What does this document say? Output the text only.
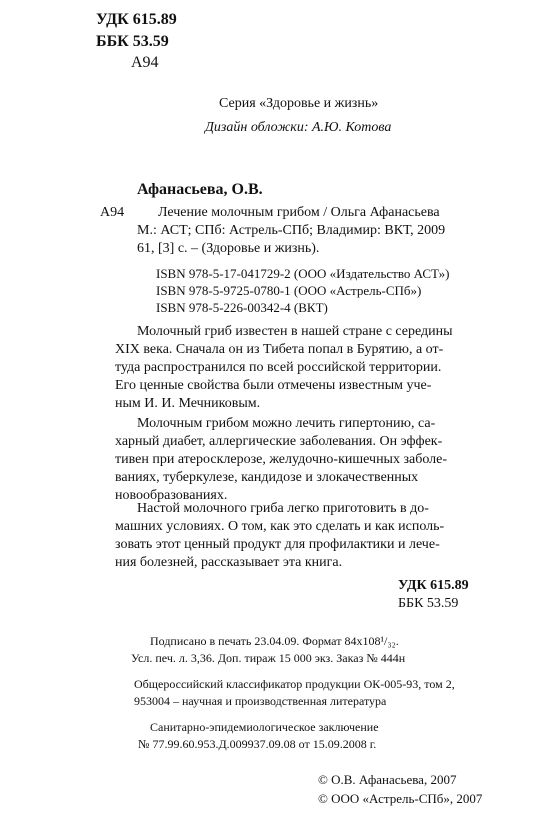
УДК 615.89
ББК 53.59
А94
Серия «Здоровье и жизнь»
Дизайн обложки: А.Ю. Котова
Афанасьева, О.В.
А94 Лечение молочным грибом / Ольга Афанасьева
М.: АСТ; СПб: Астрель-СПб; Владимир: ВКТ, 2009
61, [3] с. – (Здоровье и жизнь).
ISBN 978-5-17-041729-2 (ООО «Издательство АСТ»)
ISBN 978-5-9725-0780-1 (ООО «Астрель-СПб»)
ISBN 978-5-226-00342-4 (ВКТ)
Молочный гриб известен в нашей стране с середины
XIX века. Сначала он из Тибета попал в Бурятию, а от-
туда распространился по всей российской территории.
Его ценные свойства были отмечены известным уче-
ным И. И. Мечниковым.
Молочным грибом можно лечить гипертонию, са-
харный диабет, аллергические заболевания. Он эффек-
тивен при атеросклерозе, желудочно-кишечных заболе-
ваниях, туберкулезе, кандидозе и злокачественных
новообразованиях.
Настой молочного гриба легко приготовить в до-
машних условиях. О том, как это сделать и как исполь-
зовать этот ценный продукт для профилактики и лече-
ния болезней, рассказывает эта книга.
УДК 615.89
ББК 53.59
Подписано в печать 23.04.09. Формат 84х108¹/₃₂.
Усл. печ. л. 3,36. Доп. тираж 15 000 экз. Заказ № 444н
Общероссийский классификатор продукции ОК-005-93, том 2,
953004 – научная и производственная литература
Санитарно-эпидемиологическое заключение
№ 77.99.60.953.Д.009937.09.08 от 15.09.2008 г.
© О.В. Афанасьева, 2007
© ООО «Астрель-СПб», 2007
